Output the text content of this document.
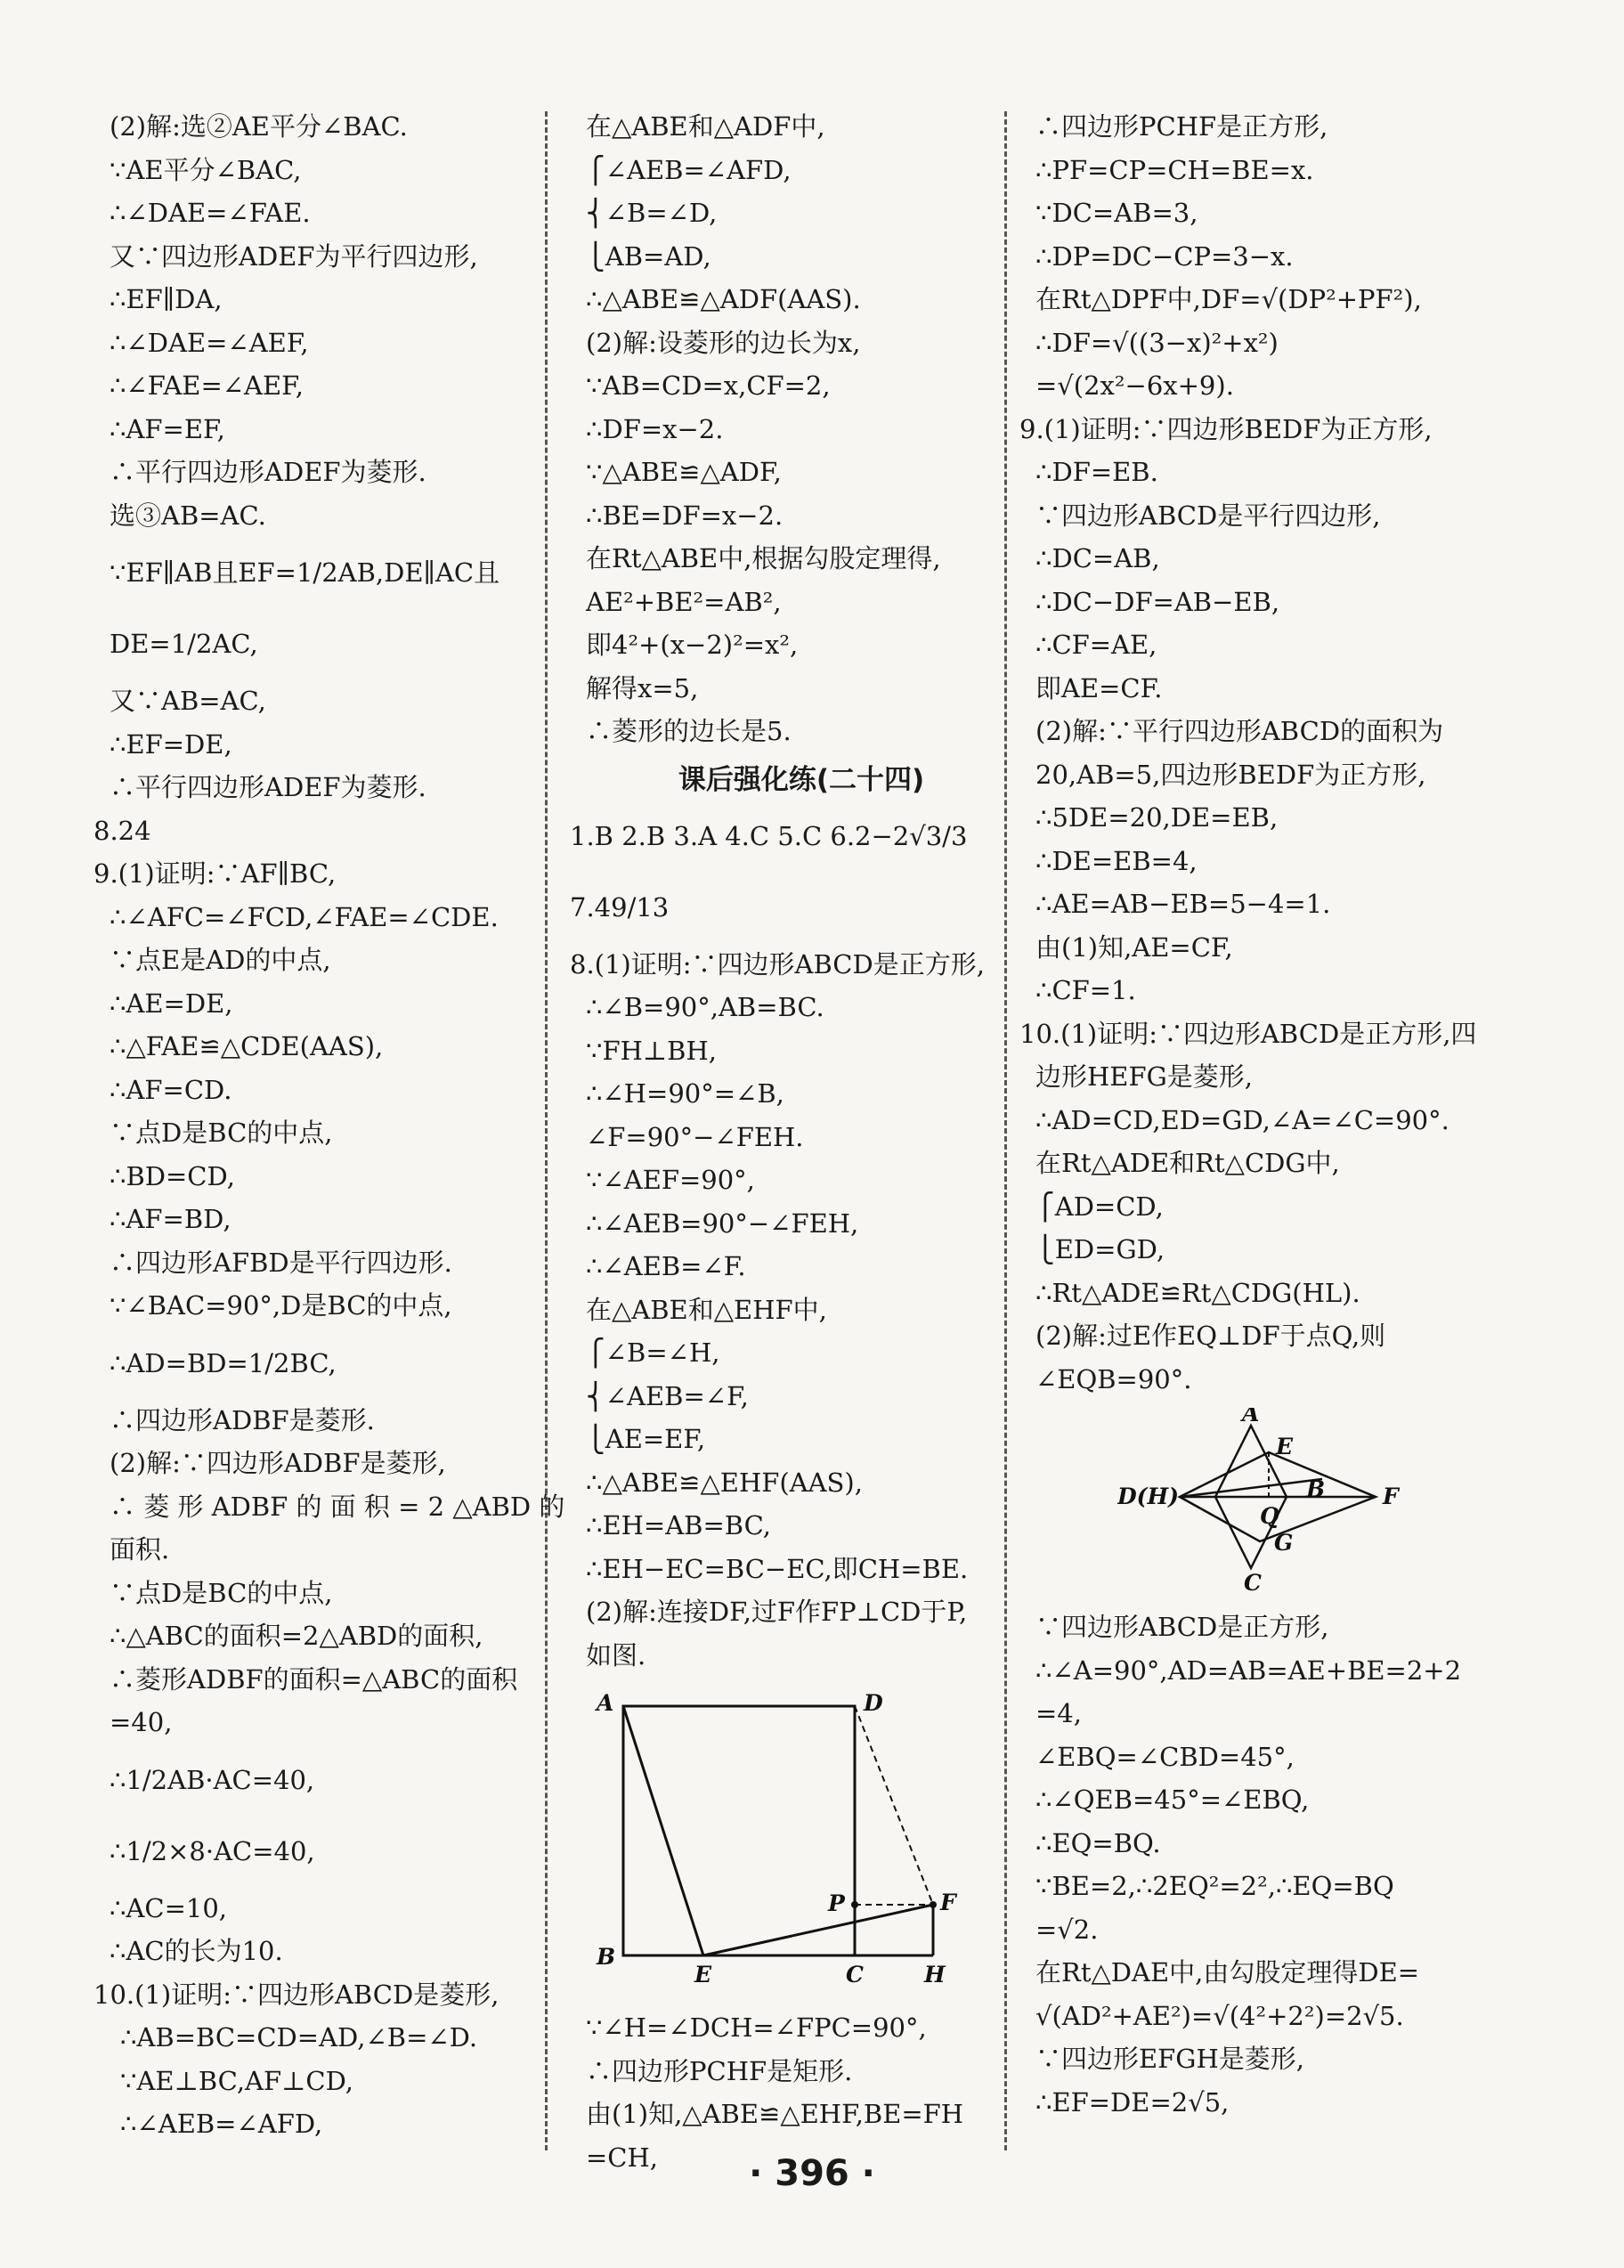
(2)解:选②AE平分∠BAC.
∵AE平分∠BAC,
∴∠DAE=∠FAE.
又∵四边形ADEF为平行四边形,
∴EF∥DA,
∴∠DAE=∠AEF,
∴∠FAE=∠AEF,
∴AF=EF,
∴平行四边形ADEF为菱形.
选③AB=AC.
∵EF∥AB且EF=1/2AB,DE∥AC且
DE=1/2AC,
又∵AB=AC,
∴EF=DE,
∴平行四边形ADEF为菱形.
8.24
9.(1)证明:∵AF∥BC,
∴∠AFC=∠FCD,∠FAE=∠CDE.
∵点E是AD的中点,
∴AE=DE,
∴△FAE≌△CDE(AAS),
∴AF=CD.
∵点D是BC的中点,
∴BD=CD,
∴AF=BD,
∴四边形AFBD是平行四边形.
∵∠BAC=90°,D是BC的中点,
∴AD=BD=1/2BC,
∴四边形ADBF是菱形.
(2)解:∵四边形ADBF是菱形,
∴ 菱 形 ADBF 的 面 积 = 2 △ABD 的
面积.
∵点D是BC的中点,
∴△ABC的面积=2△ABD的面积,
∴菱形ADBF的面积=△ABC的面积
=40,
∴1/2AB·AC=40,
∴1/2×8·AC=40,
∴AC=10,
∴AC的长为10.
10.(1)证明:∵四边形ABCD是菱形,
∴AB=BC=CD=AD,∠B=∠D.
∵AE⊥BC,AF⊥CD,
∴∠AEB=∠AFD,
在△ABE和△ADF中,
⎧∠AEB=∠AFD,
⎨∠B=∠D,
⎩AB=AD,
∴△ABE≌△ADF(AAS).
(2)解:设菱形的边长为x,
∵AB=CD=x,CF=2,
∴DF=x−2.
∵△ABE≌△ADF,
∴BE=DF=x−2.
在Rt△ABE中,根据勾股定理得,
AE²+BE²=AB²,
即4²+(x−2)²=x²,
解得x=5,
∴菱形的边长是5.
课后强化练(二十四)
1.B 2.B 3.A 4.C 5.C 6.2−2√3/3
7.49/13
8.(1)证明:∵四边形ABCD是正方形,
∴∠B=90°,AB=BC.
∵FH⊥BH,
∴∠H=90°=∠B,
∠F=90°−∠FEH.
∵∠AEF=90°,
∴∠AEB=90°−∠FEH,
∴∠AEB=∠F.
在△ABE和△EHF中,
⎧∠B=∠H,
⎨∠AEB=∠F,
⎩AE=EF,
∴△ABE≌△EHF(AAS),
∴EH=AB=BC,
∴EH−EC=BC−EC,即CH=BE.
(2)解:连接DF,过F作FP⊥CD于P,
如图.
A	D
P	F
B
E	C	H
∵∠H=∠DCH=∠FPC=90°,
∴四边形PCHF是矩形.
由(1)知,△ABE≌△EHF,BE=FH
=CH,
∴四边形PCHF是正方形,
∴PF=CP=CH=BE=x.
∵DC=AB=3,
∴DP=DC−CP=3−x.
在Rt△DPF中,DF=√(DP²+PF²),
∴DF=√((3−x)²+x²)
=√(2x²−6x+9).
9.(1)证明:∵四边形BEDF为正方形,
∴DF=EB.
∵四边形ABCD是平行四边形,
∴DC=AB,
∴DC−DF=AB−EB,
∴CF=AE,
即AE=CF.
(2)解:∵平行四边形ABCD的面积为
20,AB=5,四边形BEDF为正方形,
∴5DE=20,DE=EB,
∴DE=EB=4,
∴AE=AB−EB=5−4=1.
由(1)知,AE=CF,
∴CF=1.
10.(1)证明:∵四边形ABCD是正方形,四
边形HEFG是菱形,
∴AD=CD,ED=GD,∠A=∠C=90°.
在Rt△ADE和Rt△CDG中,
⎧AD=CD,
⎩ED=GD,
∴Rt△ADE≌Rt△CDG(HL).
(2)解:过E作EQ⊥DF于点Q,则
∠EQB=90°.
A
E
B
D(H)	F
Q
G
C
∵四边形ABCD是正方形,
∴∠A=90°,AD=AB=AE+BE=2+2
=4,
∠EBQ=∠CBD=45°,
∴∠QEB=45°=∠EBQ,
∴EQ=BQ.
∵BE=2,∴2EQ²=2²,∴EQ=BQ
=√2.
在Rt△DAE中,由勾股定理得DE=
√(AD²+AE²)=√(4²+2²)=2√5.
∵四边形EFGH是菱形,
∴EF=DE=2√5,
· 396 ·
